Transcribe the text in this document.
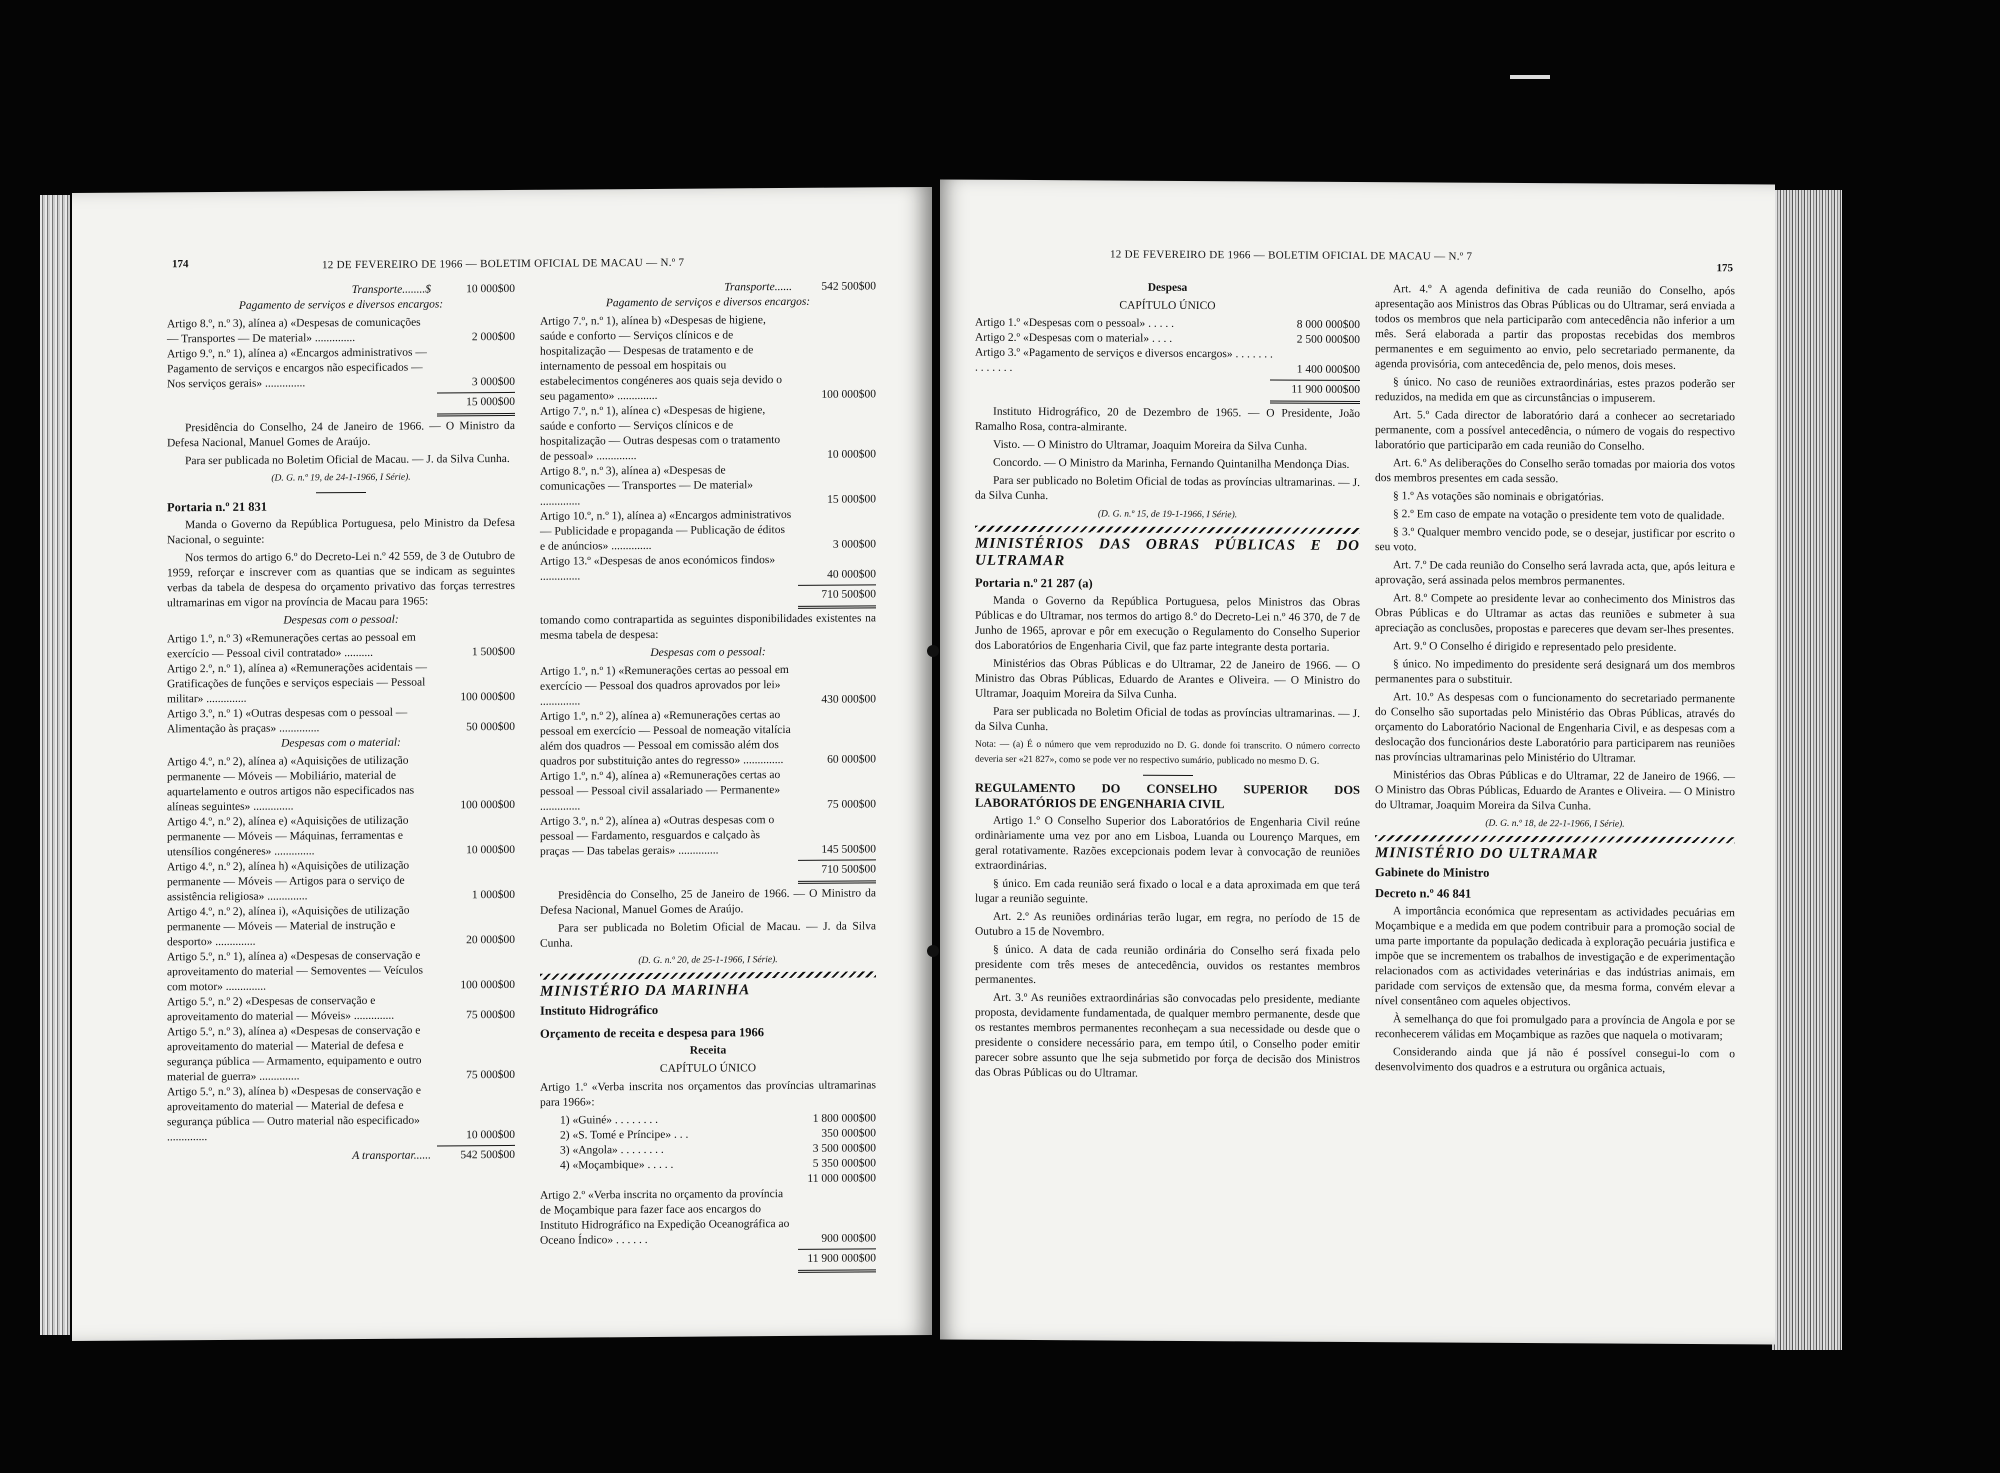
174	12 DE FEVEREIRO DE 1966 — BOLETIM OFICIAL DE MACAU — N.º 7
Transporte........$	10 000$00

Pagamento de serviços e diversos encargos:

Artigo 8.º, n.º 3), alínea a) «Despesas de comunicações — Transportes — De material» ..............	2 000$00
Artigo 9.º, n.º 1), alínea a) «Encargos administrativos — Pagamento de serviços e encargos não especificados — Nos serviços gerais» ..............	3 000$00
15 000$00

Presidência do Conselho, 24 de Janeiro de 1966. — O Ministro da Defesa Nacional, Manuel Gomes de Araújo.

Para ser publicada no Boletim Oficial de Macau. — J. da Silva Cunha.

(D. G. n.º 19, de 24-1-1966, I Série).

Portaria n.º 21 831

Manda o Governo da República Portuguesa, pelo Ministro da Defesa Nacional, o seguinte:

Nos termos do artigo 6.º do Decreto-Lei n.º 42 559, de 3 de Outubro de 1959, reforçar e inscrever com as quantias que se indicam as seguintes verbas da tabela de despesa do orçamento privativo das forças terrestres ultramarinas em vigor na província de Macau para 1965:

Despesas com o pessoal:

Artigo 1.º, n.º 3) «Remunerações certas ao pessoal em exercício — Pessoal civil contratado» ..........	1 500$00
Artigo 2.º, n.º 1), alínea a) «Remunerações acidentais — Gratificações de funções e serviços especiais — Pessoal militar» ..............	100 000$00
Artigo 3.º, n.º 1) «Outras despesas com o pessoal — Alimentação às praças» ..............	50 000$00

Despesas com o material:

Artigo 4.º, n.º 2), alínea a) «Aquisições de utilização permanente — Móveis — Mobiliário, material de aquartelamento e outros artigos não especificados nas alíneas seguintes» ..............	100 000$00
Artigo 4.º, n.º 2), alínea e) «Aquisições de utilização permanente — Móveis — Máquinas, ferramentas e utensílios congéneres» ..............	10 000$00
Artigo 4.º, n.º 2), alínea h) «Aquisições de utilização permanente — Móveis — Artigos para o serviço de assistência religiosa» ..............	1 000$00
Artigo 4.º, n.º 2), alínea i), «Aquisições de utilização permanente — Móveis — Material de instrução e desporto» ..............	20 000$00
Artigo 5.º, n.º 1), alínea a) «Despesas de conservação e aproveitamento do material — Semoventes — Veículos com motor» ..............	100 000$00
Artigo 5.º, n.º 2) «Despesas de conservação e aproveitamento do material — Móveis» ..............	75 000$00
Artigo 5.º, n.º 3), alínea a) «Despesas de conservação e aproveitamento do material — Material de defesa e segurança pública — Armamento, equipamento e outro material de guerra» ..............	75 000$00
Artigo 5.º, n.º 3), alínea b) «Despesas de conservação e aproveitamento do material — Material de defesa e segurança pública — Outro material não especificado» ..............	10 000$00
A transportar......	542 500$00
Transporte......	542 500$00

Pagamento de serviços e diversos encargos:

Artigo 7.º, n.º 1), alínea b) «Despesas de higiene, saúde e conforto — Serviços clínicos e de hospitalização — Despesas de tratamento e de internamento de pessoal em hospitais ou estabelecimentos congéneres aos quais seja devido o seu pagamento» ..............	100 000$00
Artigo 7.º, n.º 1), alínea c) «Despesas de higiene, saúde e conforto — Serviços clínicos e de hospitalização — Outras despesas com o tratamento de pessoal» ..............	10 000$00
Artigo 8.º, n.º 3), alínea a) «Despesas de comunicações — Transportes — De material» ..............	15 000$00
Artigo 10.º, n.º 1), alínea a) «Encargos administrativos — Publicidade e propaganda — Publicação de éditos e de anúncios» ..............	3 000$00
Artigo 13.º «Despesas de anos económicos findos» ..............	40 000$00
710 500$00

tomando como contrapartida as seguintes disponibilidades existentes na mesma tabela de despesa:

Despesas com o pessoal:

Artigo 1.º, n.º 1) «Remunerações certas ao pessoal em exercício — Pessoal dos quadros aprovados por lei» ..............	430 000$00
Artigo 1.º, n.º 2), alínea a) «Remunerações certas ao pessoal em exercício — Pessoal de nomeação vitalícia além dos quadros — Pessoal em comissão além dos quadros por substituição antes do regresso» ..............	60 000$00
Artigo 1.º, n.º 4), alínea a) «Remunerações certas ao pessoal — Pessoal civil assalariado — Permanente» ..............	75 000$00
Artigo 3.º, n.º 2), alínea a) «Outras despesas com o pessoal — Fardamento, resguardos e calçado às praças — Das tabelas gerais» ..............	145 500$00
710 500$00

Presidência do Conselho, 25 de Janeiro de 1966. — O Ministro da Defesa Nacional, Manuel Gomes de Araújo.

Para ser publicada no Boletim Oficial de Macau. — J. da Silva Cunha.

(D. G. n.º 20, de 25-1-1966, I Série).

MINISTÉRIO DA MARINHA

Instituto Hidrográfico

Orçamento de receita e despesa para 1966

Receita

CAPÍTULO ÚNICO

Artigo 1.º «Verba inscrita nos orçamentos das províncias ultramarinas para 1966»:

1) «Guiné» . . . . . . . .	1 800 000$00
2) «S. Tomé e Príncipe» . . .	350 000$00
3) «Angola» . . . . . . . .	3 500 000$00
4) «Moçambique» . . . . .	5 350 000$00
11 000 000$00
Artigo 2.º «Verba inscrita no orçamento da província de Moçambique para fazer face aos encargos do Instituto Hidrográfico na Expedição Oceanográfica ao Oceano Índico» . . . . . .	900 000$00
11 900 000$00
12 DE FEVEREIRO DE 1966 — BOLETIM OFICIAL DE MACAU — N.º 7
175

Despesa

CAPÍTULO ÚNICO

Artigo 1.º «Despesas com o pessoal» . . . . .	8 000 000$00
Artigo 2.º «Despesas com o material» . . . .	2 500 000$00
Artigo 3.º «Pagamento de serviços e diversos encargos» . . . . . . . . . . . . . .	1 400 000$00
11 900 000$00

Instituto Hidrográfico, 20 de Dezembro de 1965. — O Presidente, João Ramalho Rosa, contra-almirante.

Visto. — O Ministro do Ultramar, Joaquim Moreira da Silva Cunha.

Concordo. — O Ministro da Marinha, Fernando Quintanilha Mendonça Dias.

Para ser publicado no Boletim Oficial de todas as províncias ultramarinas. — J. da Silva Cunha.

(D. G. n.º 15, de 19-1-1966, I Série).

MINISTÉRIOS DAS OBRAS PÚBLICAS E DO ULTRAMAR

Portaria n.º 21 287 (a)

Manda o Governo da República Portuguesa, pelos Ministros das Obras Públicas e do Ultramar, nos termos do artigo 8.º do Decreto-Lei n.º 46 370, de 7 de Junho de 1965, aprovar e pôr em execução o Regulamento do Conselho Superior dos Laboratórios de Engenharia Civil, que faz parte integrante desta portaria.

Ministérios das Obras Públicas e do Ultramar, 22 de Janeiro de 1966. — O Ministro das Obras Públicas, Eduardo de Arantes e Oliveira. — O Ministro do Ultramar, Joaquim Moreira da Silva Cunha.

Para ser publicada no Boletim Oficial de todas as províncias ultramarinas. — J. da Silva Cunha.

Nota: — (a) É o número que vem reproduzido no D. G. donde foi transcrito. O número correcto deveria ser «21 827», como se pode ver no respectivo sumário, publicado no mesmo D. G.

REGULAMENTO DO CONSELHO SUPERIOR DOS LABORATÓRIOS DE ENGENHARIA CIVIL

Artigo 1.º O Conselho Superior dos Laboratórios de Engenharia Civil reúne ordinàriamente uma vez por ano em Lisboa, Luanda ou Lourenço Marques, em geral rotativamente. Razões excepcionais podem levar à convocação de reuniões extraordinárias.

§ único. Em cada reunião será fixado o local e a data aproximada em que terá lugar a reunião seguinte.

Art. 2.º As reuniões ordinárias terão lugar, em regra, no período de 15 de Outubro a 15 de Novembro.

§ único. A data de cada reunião ordinária do Conselho será fixada pelo presidente com três meses de antecedência, ouvidos os restantes membros permanentes.

Art. 3.º As reuniões extraordinárias são convocadas pelo presidente, mediante proposta, devidamente fundamentada, de qualquer membro permanente, desde que os restantes membros permanentes reconheçam a sua necessidade ou desde que o presidente o considere necessário para, em tempo útil, o Conselho poder emitir parecer sobre assunto que lhe seja submetido por força de decisão dos Ministros das Obras Públicas ou do Ultramar.

Art. 4.º A agenda definitiva de cada reunião do Conselho, após apresentação aos Ministros das Obras Públicas ou do Ultramar, será enviada a todos os membros que nela participarão com antecedência não inferior a um mês. Será elaborada a partir das propostas recebidas dos membros permanentes e em seguimento ao envio, pelo secretariado permanente, da agenda provisória, com antecedência de, pelo menos, dois meses.

§ único. No caso de reuniões extraordinárias, estes prazos poderão ser reduzidos, na medida em que as circunstâncias o impuserem.

Art. 5.º Cada director de laboratório dará a conhecer ao secretariado permanente, com a possível antecedência, o número de vogais do respectivo laboratório que participarão em cada reunião do Conselho.

Art. 6.º As deliberações do Conselho serão tomadas por maioria dos votos dos membros presentes em cada sessão.

§ 1.º As votações são nominais e obrigatórias.

§ 2.º Em caso de empate na votação o presidente tem voto de qualidade.

§ 3.º Qualquer membro vencido pode, se o desejar, justificar por escrito o seu voto.

Art. 7.º De cada reunião do Conselho será lavrada acta, que, após leitura e aprovação, será assinada pelos membros permanentes.

Art. 8.º Compete ao presidente levar ao conhecimento dos Ministros das Obras Públicas e do Ultramar as actas das reuniões e submeter à sua apreciação as conclusões, propostas e pareceres que devam ser-lhes presentes.

Art. 9.º O Conselho é dirigido e representado pelo presidente.

§ único. No impedimento do presidente será designará um dos membros permanentes para o substituir.

Art. 10.º As despesas com o funcionamento do secretariado permanente do Conselho são suportadas pelo Ministério das Obras Públicas, através do orçamento do Laboratório Nacional de Engenharia Civil, e as despesas com a deslocação dos funcionários deste Laboratório para participarem nas reuniões nas províncias ultramarinas pelo Ministério do Ultramar.

Ministérios das Obras Públicas e do Ultramar, 22 de Janeiro de 1966. — O Ministro das Obras Públicas, Eduardo de Arantes e Oliveira. — O Ministro do Ultramar, Joaquim Moreira da Silva Cunha.

(D. G. n.º 18, de 22-1-1966, I Série).

MINISTÉRIO DO ULTRAMAR

Gabinete do Ministro

Decreto n.º 46 841

A importância económica que representam as actividades pecuárias em Moçambique e a medida em que podem contribuir para a promoção social de uma parte importante da população dedicada à exploração pecuária justifica e impõe que se incrementem os trabalhos de investigação e de experimentação relacionados com as actividades veterinárias e das indústrias animais, em paridade com serviços de extensão que, da mesma forma, convém elevar a nível consentâneo com aqueles objectivos.

À semelhança do que foi promulgado para a província de Angola e por se reconhecerem válidas em Moçambique as razões que naquela o motivaram;

Considerando ainda que já não é possível consegui-lo com o desenvolvimento dos quadros e a estrutura ou orgânica actuais,
